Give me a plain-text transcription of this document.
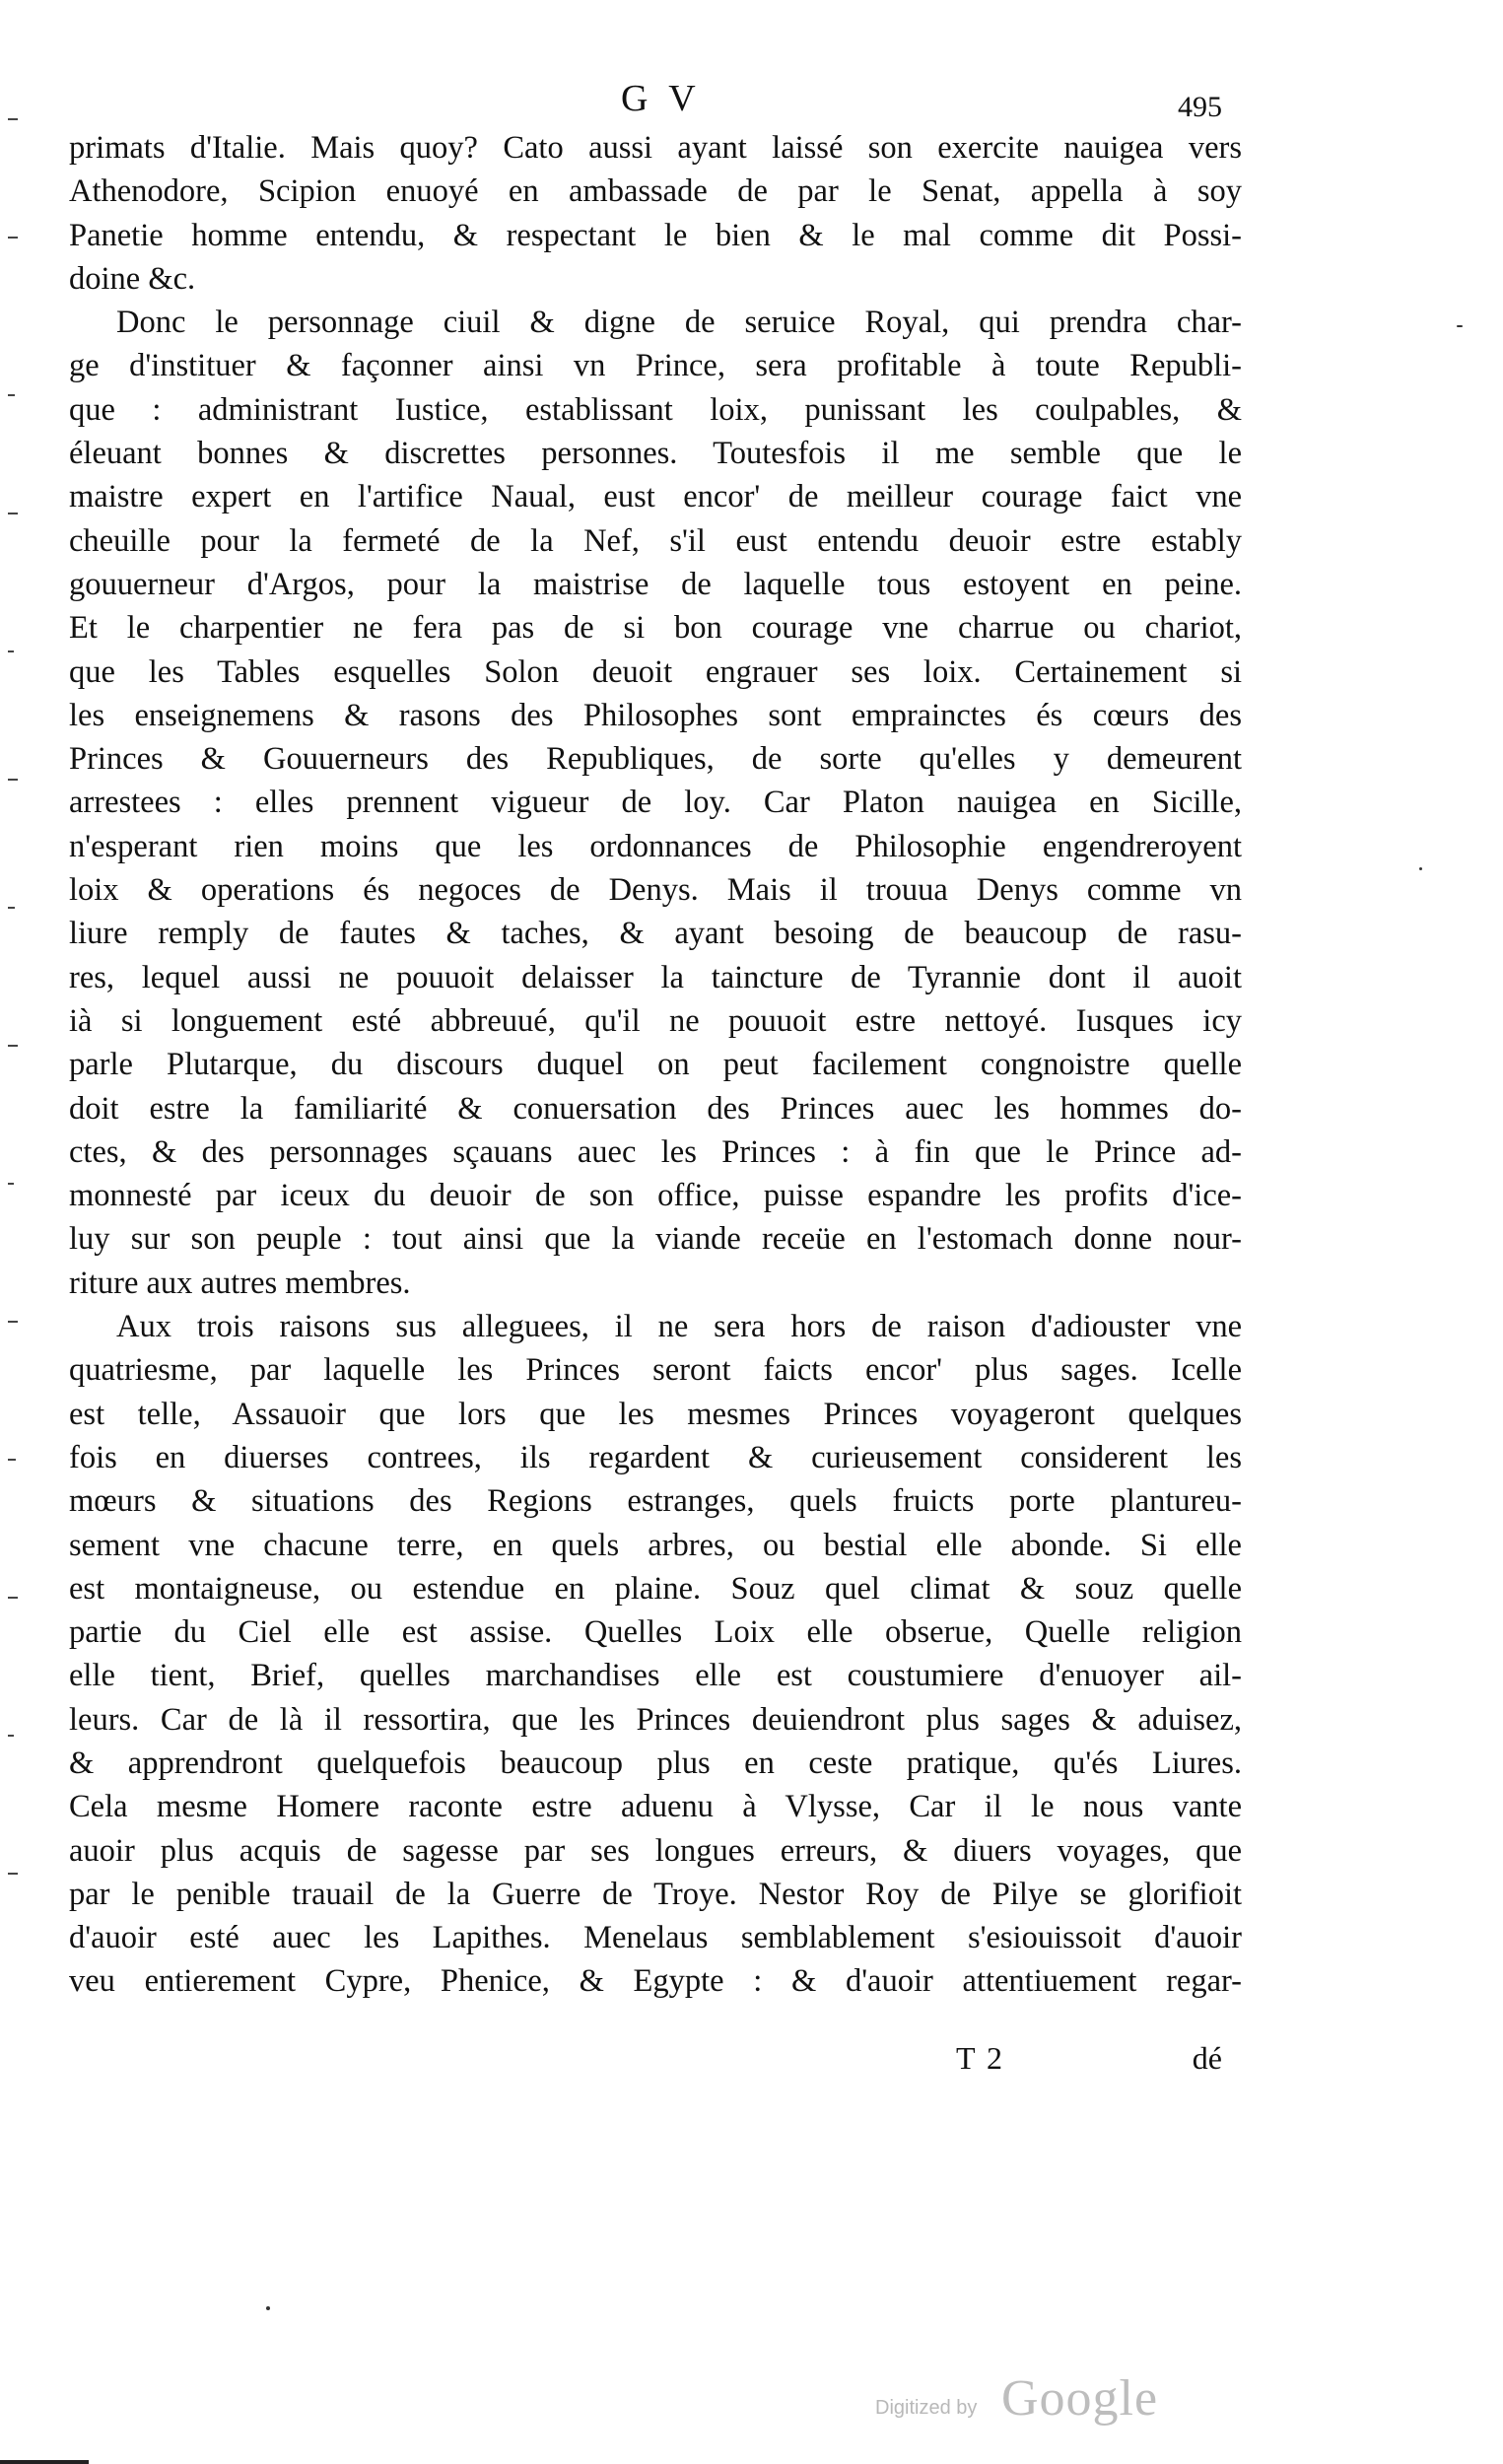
G V	495
primats d'Italie. Mais quoy? Cato aussi ayant laissé son exercite nauigea vers
Athenodore, Scipion enuoyé en ambassade de par le Senat, appella à soy
Panetie homme entendu, & respectant le bien & le mal comme dit Possi-
doine &c.
Donc le personnage ciuil & digne de seruice Royal, qui prendra char-
ge d'instituer & façonner ainsi vn Prince, sera profitable à toute Republi-
que : administrant Iustice, establissant loix, punissant les coulpables, &
éleuant bonnes & discrettes personnes. Toutesfois il me semble que le
maistre expert en l'artifice Naual, eust encor' de meilleur courage faict vne
cheuille pour la fermeté de la Nef, s'il eust entendu deuoir estre estably
gouuerneur d'Argos, pour la maistrise de laquelle tous estoyent en peine.
Et le charpentier ne fera pas de si bon courage vne charrue ou chariot,
que les Tables esquelles Solon deuoit engrauer ses loix. Certainement si
les enseignemens & rasons des Philosophes sont emprainctes és cœurs des
Princes & Gouuerneurs des Republiques, de sorte qu'elles y demeurent
arrestees : elles prennent vigueur de loy. Car Platon nauigea en Sicille,
n'esperant rien moins que les ordonnances de Philosophie engendreroyent
loix & operations és negoces de Denys. Mais il trouua Denys comme vn
liure remply de fautes & taches, & ayant besoing de beaucoup de rasu-
res, lequel aussi ne pouuoit delaisser la taincture de Tyrannie dont il auoit
ià si longuement esté abbreuué, qu'il ne pouuoit estre nettoyé. Iusques icy
parle Plutarque, du discours duquel on peut facilement congnoistre quelle
doit estre la familiarité & conuersation des Princes auec les hommes do-
ctes, & des personnages sçauans auec les Princes : à fin que le Prince ad-
monnesté par iceux du deuoir de son office, puisse espandre les profits d'ice-
luy sur son peuple : tout ainsi que la viande receüe en l'estomach donne nour-
riture aux autres membres.
Aux trois raisons sus alleguees, il ne sera hors de raison d'adiouster vne
quatriesme, par laquelle les Princes seront faicts encor' plus sages. Icelle
est telle, Assauoir que lors que les mesmes Princes voyageront quelques
fois en diuerses contrees, ils regardent & curieusement considerent les
mœurs & situations des Regions estranges, quels fruicts porte plantureu-
sement vne chacune terre, en quels arbres, ou bestial elle abonde. Si elle
est montaigneuse, ou estendue en plaine. Souz quel climat & souz quelle
partie du Ciel elle est assise. Quelles Loix elle obserue, Quelle religion
elle tient, Brief, quelles marchandises elle est coustumiere d'enuoyer ail-
leurs. Car de là il ressortira, que les Princes deuiendront plus sages & aduisez,
& apprendront quelquefois beaucoup plus en ceste pratique, qu'és Liures.
Cela mesme Homere raconte estre aduenu à Vlysse, Car il le nous vante
auoir plus acquis de sagesse par ses longues erreurs, & diuers voyages, que
par le penible trauail de la Guerre de Troye. Nestor Roy de Pilye se glorifioit
d'auoir esté auec les Lapithes. Menelaus semblablement s'esiouissoit d'auoir
veu entierement Cypre, Phenice, & Egypte : & d'auoir attentiuement regar-
T 2	dé
Digitized by Google
